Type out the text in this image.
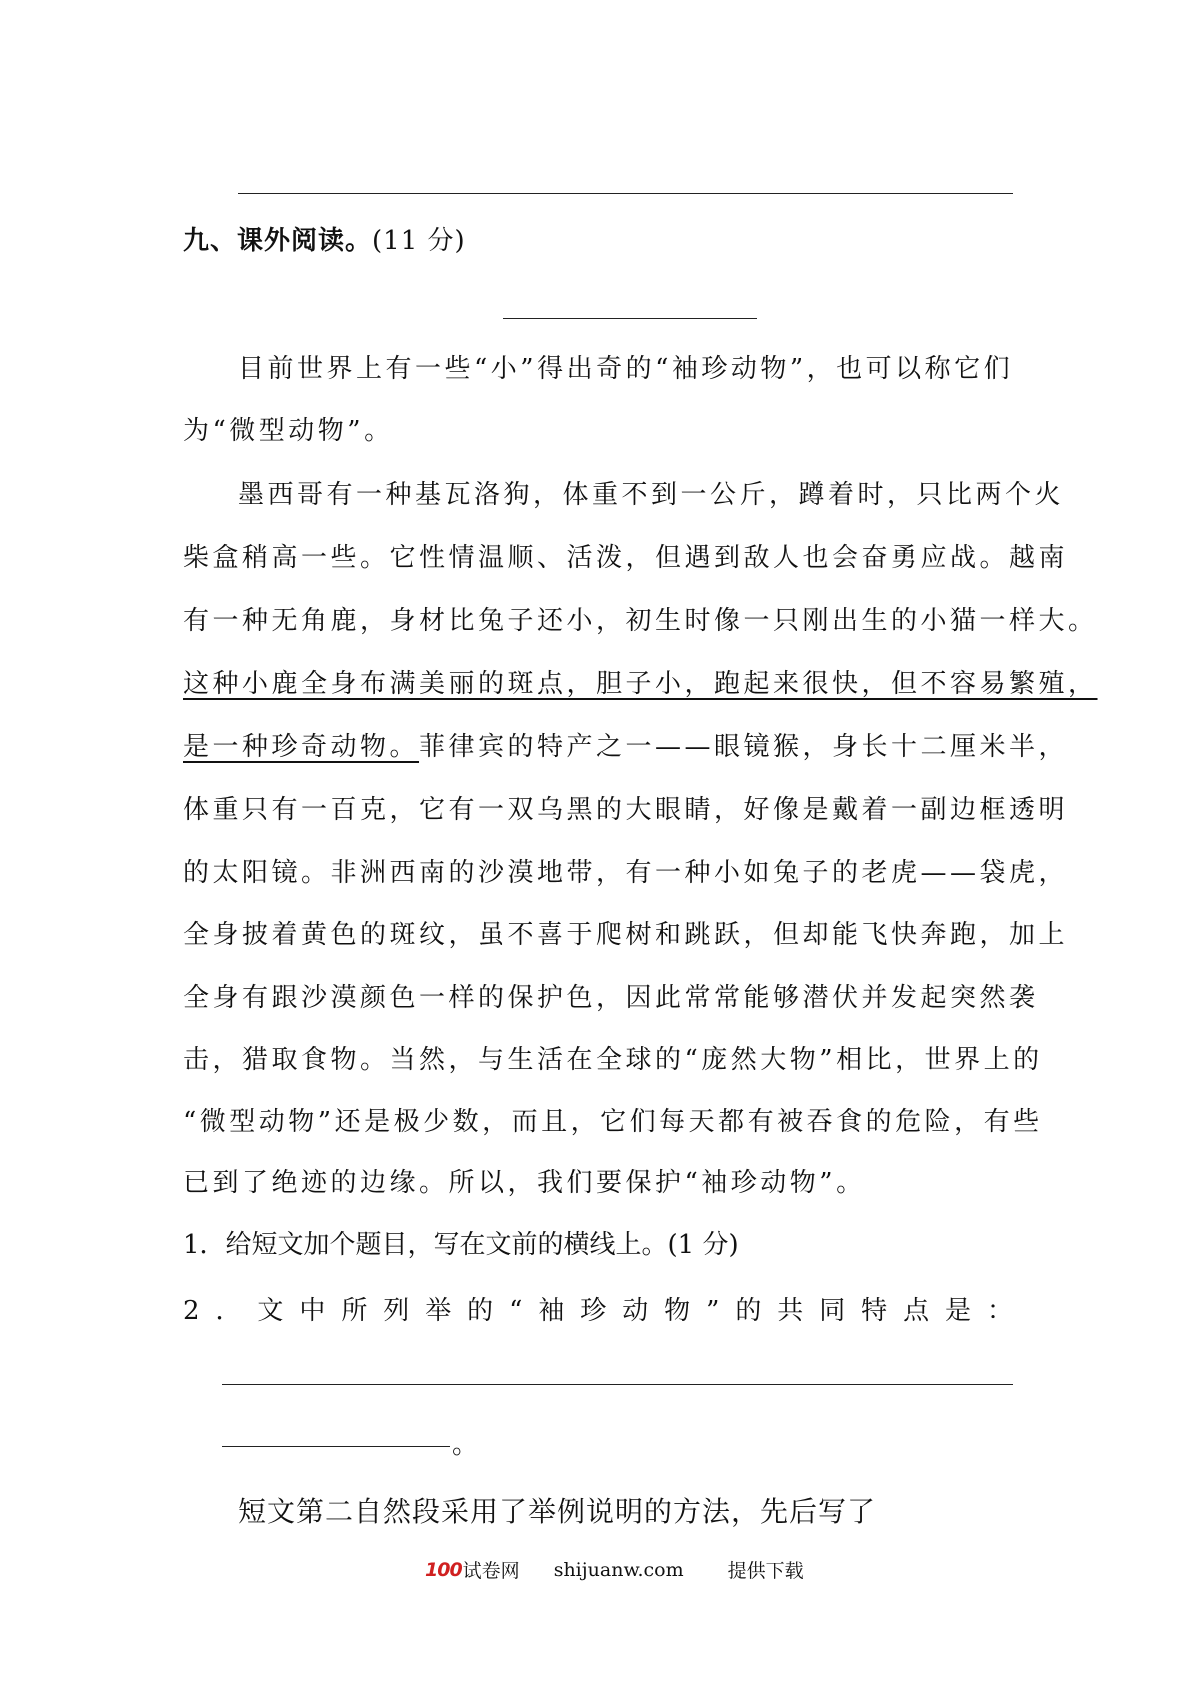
九、课外阅读。(11 分)
目前世界上有一些“小”得出奇的“袖珍动物”，也可以称它们
为“微型动物”。
墨西哥有一种基瓦洛狗，体重不到一公斤，蹲着时，只比两个火
柴盒稍高一些。它性情温顺、活泼，但遇到敌人也会奋勇应战。越南
有一种无角鹿，身材比兔子还小，初生时像一只刚出生的小猫一样大。
这种小鹿全身布满美丽的斑点，胆子小，跑起来很快，但不容易繁殖，
是一种珍奇动物。菲律宾的特产之一——眼镜猴，身长十二厘米半，
体重只有一百克，它有一双乌黑的大眼睛，好像是戴着一副边框透明
的太阳镜。非洲西南的沙漠地带，有一种小如兔子的老虎——袋虎，
全身披着黄色的斑纹，虽不喜于爬树和跳跃，但却能飞快奔跑，加上
全身有跟沙漠颜色一样的保护色，因此常常能够潜伏并发起突然袭
击，猎取食物。当然，与生活在全球的“庞然大物”相比，世界上的
“微型动物”还是极少数，而且，它们每天都有被吞食的危险，有些
已到了绝迹的边缘。所以，我们要保护“袖珍动物”。
1．给短文加个题目，写在文前的横线上。(1 分)
2．文中所列举的“袖珍动物”的共同特点是：
。
短文第二自然段采用了举例说明的方法，先后写了
100 试卷网 shijuanw.com 提供下载
